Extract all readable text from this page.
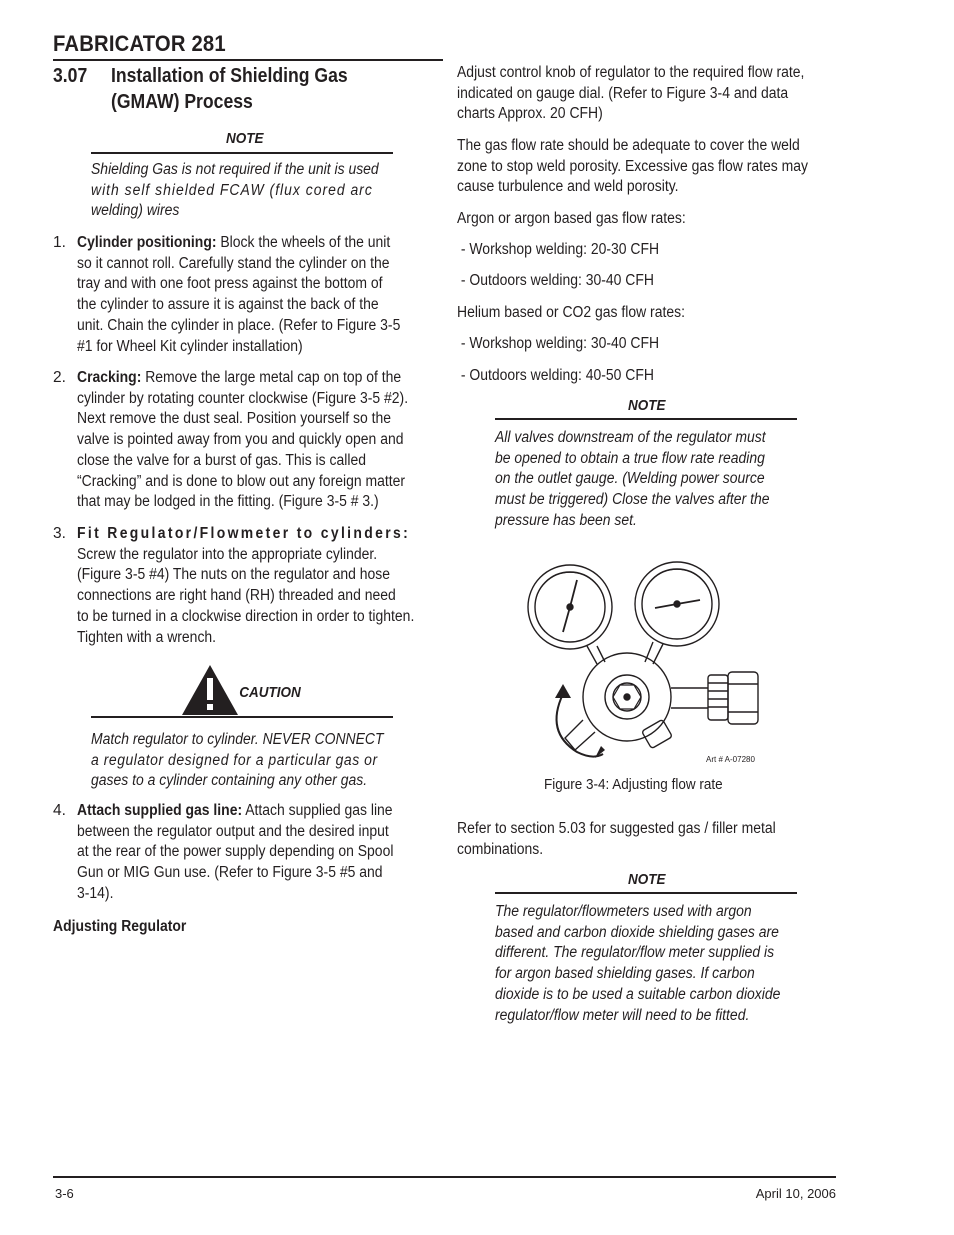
FABRICATOR 281
3.07 Installation of Shielding Gas
(GMAW) Process
NOTE
Shielding Gas is not required if the unit is used
with self shielded FCAW (flux cored arc
welding) wires
1. Cylinder positioning: Block the wheels of the unit
so it cannot roll. Carefully stand the cylinder on the
tray and with one foot press against the bottom of
the cylinder to assure it is against the back of the
unit. Chain the cylinder in place. (Refer to Figure 3-5
#1 for Wheel Kit cylinder installation)
2. Cracking: Remove the large metal cap on top of the
cylinder by rotating counter clockwise (Figure 3-5 #2).
Next remove the dust seal. Position yourself so the
valve is pointed away from you and quickly open and
close the valve for a burst of gas. This is called
“Cracking” and is done to blow out any foreign matter
that may be lodged in the fitting. (Figure 3-5 # 3.)
3. Fit Regulator/Flowmeter to cylinders:
Screw the regulator into the appropriate cylinder.
(Figure 3-5 #4) The nuts on the regulator and hose
connections are right hand (RH) threaded and need
to be turned in a clockwise direction in order to tighten.
Tighten with a wrench.
CAUTION
Match regulator to cylinder. NEVER CONNECT
a regulator designed for a particular gas or
gases to a cylinder containing any other gas.
4. Attach supplied gas line: Attach supplied gas line
between the regulator output and the desired input
at the rear of the power supply depending on Spool
Gun or MIG Gun use. (Refer to Figure 3-5 #5 and
3-14).
Adjusting Regulator
Adjust control knob of regulator to the required flow rate,
indicated on gauge dial. (Refer to Figure 3-4 and data
charts Approx. 20 CFH)
The gas flow rate should be adequate to cover the weld
zone to stop weld porosity. Excessive gas flow rates may
cause turbulence and weld porosity.
Argon or argon based gas flow rates:
- Workshop welding: 20-30 CFH
- Outdoors welding: 30-40 CFH
Helium based or CO2 gas flow rates:
- Workshop welding: 30-40 CFH
- Outdoors welding: 40-50 CFH
NOTE
All valves downstream of the regulator must
be opened to obtain a true flow rate reading
on the outlet gauge. (Welding power source
must be triggered) Close the valves after the
pressure has been set.
Art # A-07280
Figure 3-4: Adjusting flow rate
Refer to section 5.03 for suggested gas / filler metal
combinations.
NOTE
The regulator/flowmeters used with argon
based and carbon dioxide shielding gases are
different. The regulator/flow meter supplied is
for argon based shielding gases. If carbon
dioxide is to be used a suitable carbon dioxide
regulator/flow meter will need to be fitted.
3-6	April 10, 2006
